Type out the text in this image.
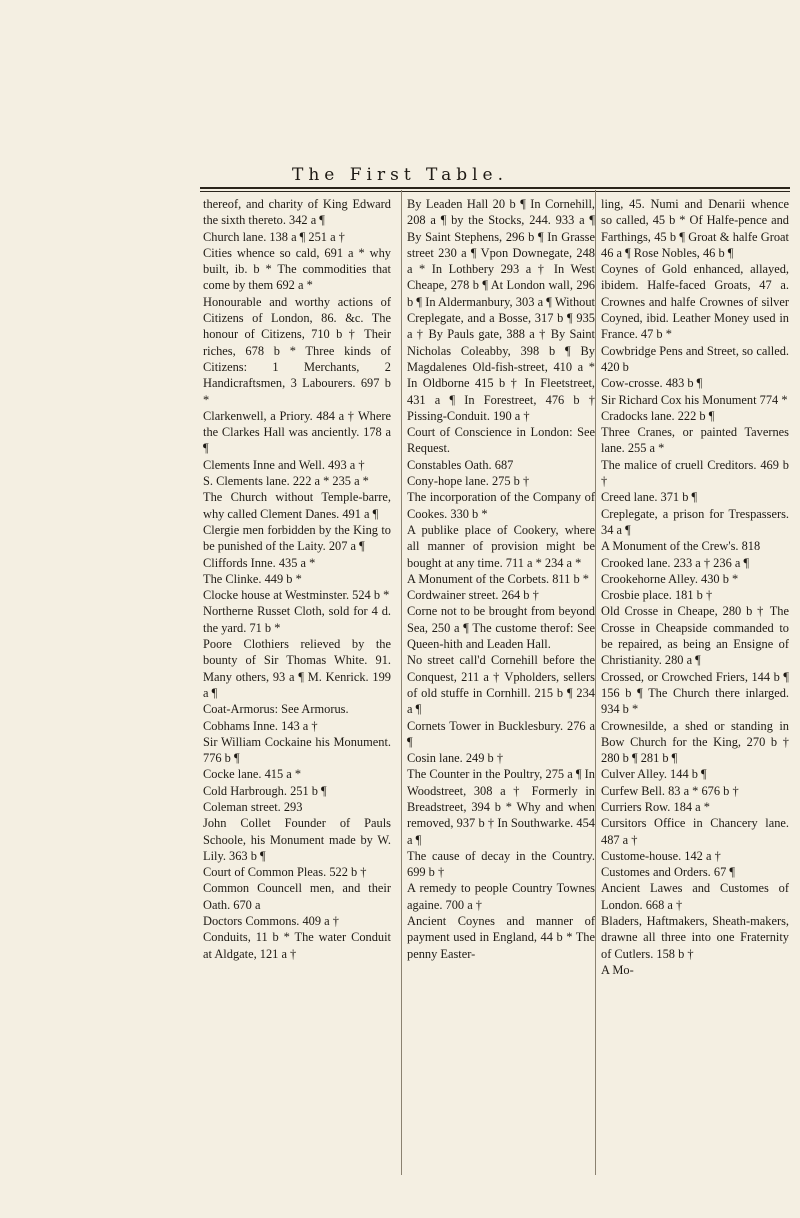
The First Table.

thereof, and charity of King Edward the sixth thereto. 342 a ¶

Church lane. 138 a ¶ 251 a †

Cities whence so cald, 691 a * why built, ib. b * The commodities that come by them 692 a *

Honourable and worthy actions of Citizens of London, 86. &c. The honour of Citizens, 710 b † Their riches, 678 b * Three kinds of Citizens: 1 Merchants, 2 Handicraftsmen, 3 Labourers. 697 b *

Clarkenwell, a Priory. 484 a † Where the Clarkes Hall was anciently. 178 a ¶

Clements Inne and Well. 493 a †

S. Clements lane. 222 a * 235 a *

The Church without Temple-barre, why called Clement Danes. 491 a ¶

Clergie men forbidden by the King to be punished of the Laity. 207 a ¶

Cliffords Inne. 435 a *

The Clinke. 449 b *

Clocke house at Westminster. 524 b *

Northerne Russet Cloth, sold for 4 d. the yard. 71 b *

Poore Clothiers relieved by the bounty of Sir Thomas White. 91. Many others, 93 a ¶ M. Kenrick. 199 a ¶

Coat-Armorus: See Armorus.

Cobhams Inne. 143 a †

Sir William Cockaine his Monument. 776 b ¶

Cocke lane. 415 a *

Cold Harbrough. 251 b ¶

Coleman street. 293

John Collet Founder of Pauls Schoole, his Monument made by W. Lily. 363 b ¶

Court of Common Pleas. 522 b †

Common Councell men, and their Oath. 670 a

Doctors Commons. 409 a †

Conduits, 11 b * The water Conduit at Aldgate, 121 a †

By Leaden Hall 20 b ¶ In Cornehill, 208 a ¶ by the Stocks, 244. 933 a ¶ By Saint Stephens, 296 b ¶ In Grasse street 230 a ¶ Vpon Downegate, 248 a * In Lothbery 293 a † In West Cheape, 278 b ¶ At London wall, 296 b ¶ In Aldermanbury, 303 a ¶ Without Creplegate, and a Bosse, 317 b ¶ 935 a † By Pauls gate, 388 a † By Saint Nicholas Coleabby, 398 b ¶ By Magdalenes Old-fish-street, 410 a * In Oldborne 415 b † In Fleetstreet, 431 a ¶ In Forestreet, 476 b † Pissing-Conduit. 190 a †

Court of Conscience in London: See Request.

Constables Oath. 687

Cony-hope lane. 275 b †

The incorporation of the Company of Cookes. 330 b *

A publike place of Cookery, where all manner of provision might be bought at any time. 711 a * 234 a *

A Monument of the Corbets. 811 b *

Cordwainer street. 264 b †

Corne not to be brought from beyond Sea, 250 a ¶ The custome therof: See Queen-hith and Leaden Hall.

No street call'd Cornehill before the Conquest, 211 a † Vpholders, sellers of old stuffe in Cornhill. 215 b ¶ 234 a ¶

Cornets Tower in Bucklesbury. 276 a ¶

Cosin lane. 249 b †

The Counter in the Poultry, 275 a ¶ In Woodstreet, 308 a † Formerly in Breadstreet, 394 b * Why and when removed, 937 b † In Southwarke. 454 a ¶

The cause of decay in the Country. 699 b †

A remedy to people Country Townes againe. 700 a †

Ancient Coynes and manner of payment used in England, 44 b * The penny Easter-

ling, 45. Numi and Denarii whence so called, 45 b * Of Halfe-pence and Farthings, 45 b ¶ Groat & halfe Groat 46 a ¶ Rose Nobles, 46 b ¶

Coynes of Gold enhanced, allayed, ibidem. Halfe-faced Groats, 47 a. Crownes and halfe Crownes of silver Coyned, ibid. Leather Money used in France. 47 b *

Cowbridge Pens and Street, so called. 420 b

Cow-crosse. 483 b ¶

Sir Richard Cox his Monument 774 *

Cradocks lane. 222 b ¶

Three Cranes, or painted Tavernes lane. 255 a *

The malice of cruell Creditors. 469 b †

Creed lane. 371 b ¶

Creplegate, a prison for Trespassers. 34 a ¶

A Monument of the Crew's. 818

Crooked lane. 233 a † 236 a ¶

Crookehorne Alley. 430 b *

Crosbie place. 181 b †

Old Crosse in Cheape, 280 b † The Crosse in Cheapside commanded to be repaired, as being an Ensigne of Christianity. 280 a ¶

Crossed, or Crowched Friers, 144 b ¶ 156 b ¶ The Church there inlarged. 934 b *

Crownesilde, a shed or standing in Bow Church for the King, 270 b † 280 b ¶ 281 b ¶

Culver Alley. 144 b ¶

Curfew Bell. 83 a * 676 b †

Curriers Row. 184 a *

Cursitors Office in Chancery lane. 487 a †

Custome-house. 142 a †

Customes and Orders. 67 ¶

Ancient Lawes and Customes of London. 668 a †

Bladers, Haftmakers, Sheath-makers, drawne all three into one Fraternity of Cutlers. 158 b †

A Mo-
